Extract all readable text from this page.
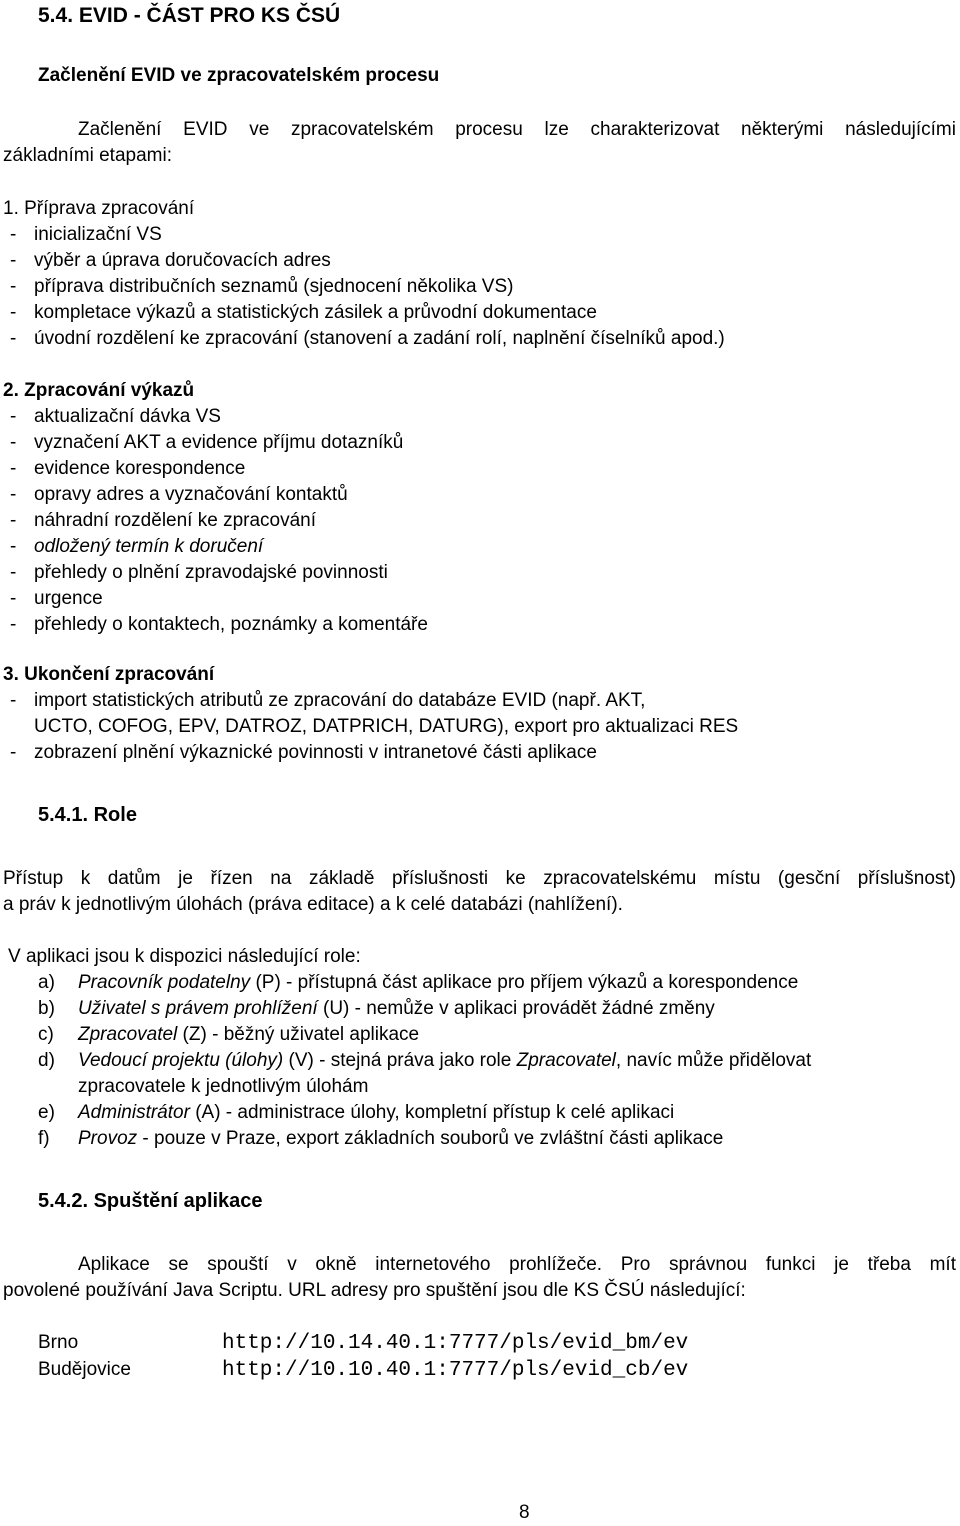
5.4. EVID - ČÁST PRO KS ČSÚ
Začlenění EVID ve zpracovatelském procesu
Začlenění EVID ve zpracovatelském procesu lze charakterizovat některými následujícími
základními etapami:
1. Příprava zpracování
- inicializační VS
- výběr a úprava doručovacích adres
- příprava distribučních seznamů (sjednocení několika VS)
- kompletace výkazů a statistických zásilek a průvodní dokumentace
- úvodní rozdělení ke zpracování (stanovení a zadání rolí, naplnění číselníků apod.)
2. Zpracování výkazů
- aktualizační dávka VS
- vyznačení AKT a evidence příjmu dotazníků
- evidence korespondence
- opravy adres a vyznačování kontaktů
- náhradní rozdělení ke zpracování
- odložený termín k doručení
- přehledy o plnění zpravodajské povinnosti
- urgence
- přehledy o kontaktech, poznámky a komentáře
3. Ukončení zpracování
- import statistických atributů ze zpracování do databáze EVID (např. AKT,
UCTO, COFOG, EPV, DATROZ, DATPRICH, DATURG), export pro aktualizaci RES
- zobrazení plnění výkaznické povinnosti v intranetové části aplikace
5.4.1. Role
Přístup k datům je řízen na základě příslušnosti ke zpracovatelskému místu (gesční příslušnost)
a práv k jednotlivým úlohách (práva editace) a k celé databázi (nahlížení).
V aplikaci jsou k dispozici následující role:
a) Pracovník podatelny (P) - přístupná část aplikace pro příjem výkazů a korespondence
b) Uživatel s právem prohlížení (U) - nemůže v aplikaci provádět žádné změny
c) Zpracovatel (Z) - běžný uživatel aplikace
d) Vedoucí projektu (úlohy) (V) - stejná práva jako role Zpracovatel, navíc může přidělovat
zpracovatele k jednotlivým úlohám
e) Administrátor (A) - administrace úlohy, kompletní přístup k celé aplikaci
f) Provoz - pouze v Praze, export základních souborů ve zvláštní části aplikace
5.4.2. Spuštění aplikace
Aplikace se spouští v okně internetového prohlížeče. Pro správnou funkci je třeba mít
povolené používání Java Scriptu. URL adresy pro spuštění jsou dle KS ČSÚ následující:
Brno	http://10.14.40.1:7777/pls/evid_bm/ev
Budějovice	http://10.10.40.1:7777/pls/evid_cb/ev
8
